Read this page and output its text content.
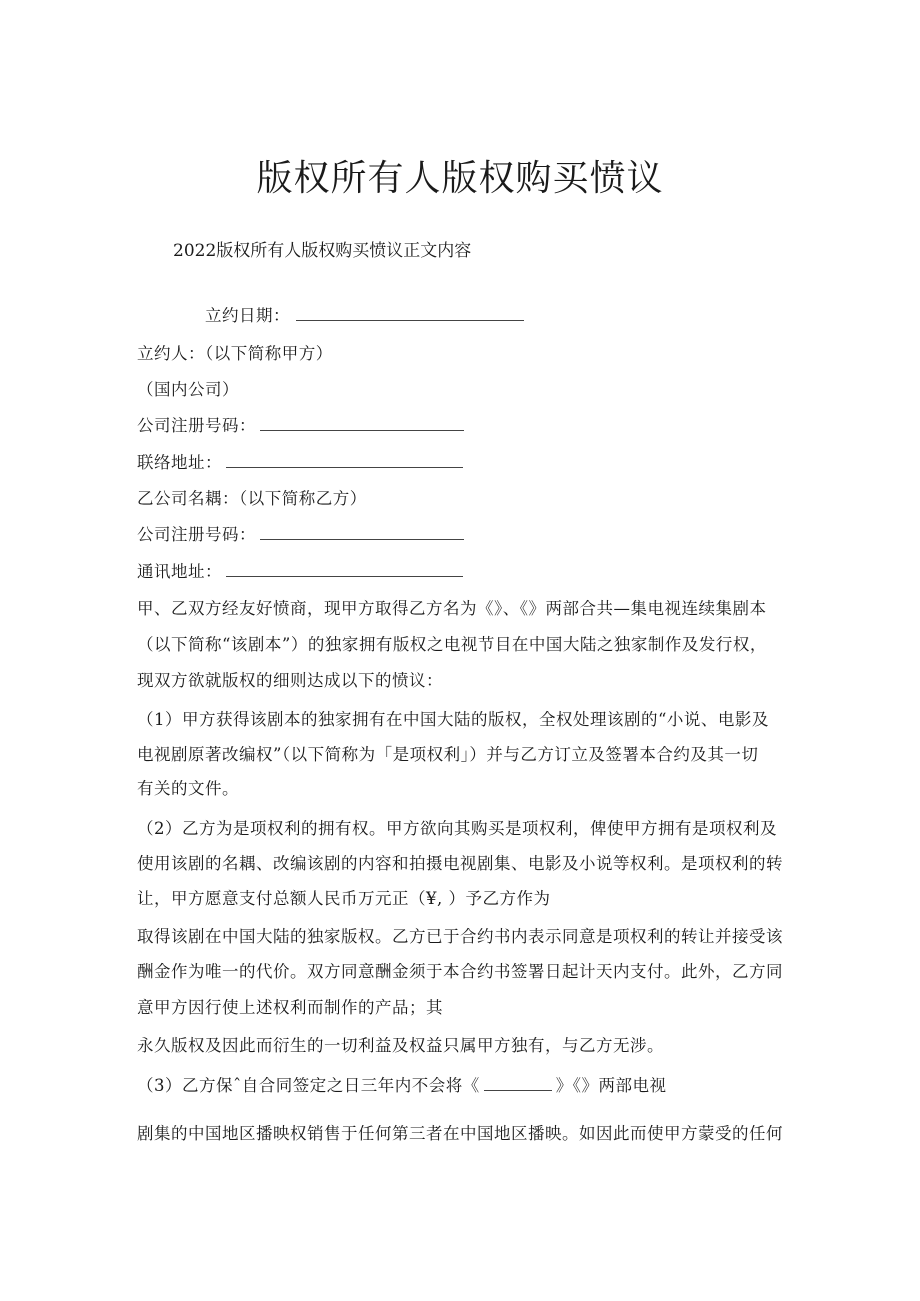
版权所有人版权购买愤议
2022版权所有人版权购买愤议正文内容
立约日期：
立约人：（以下简称甲方）
（国内公司）
公司注册号码：
联络地址：
乙公司名耦：（以下简称乙方）
公司注册号码：
通讯地址：
甲、乙双方经友好愤商，现甲方取得乙方名为《》、《》两部合共—集电视连续集剧本
（以下简称“该剧本”）的独家拥有版权之电视节目在中国大陆之独家制作及发行权，
现双方欲就版权的细则达成以下的愤议：
（1）甲方获得该剧本的独家拥有在中国大陆的版权，全权处理该剧的“小说、电影及
电视剧原著改编权”（以下简称为「是项权利」）并与乙方订立及签署本合约及其一切
有关的文件。
（2）乙方为是项权利的拥有权。甲方欲向其购买是项权利，俾使甲方拥有是项权利及
使用该剧的名耦、改编该剧的内容和拍摄电视剧集、电影及小说等权利。是项权利的转
让，甲方愿意支付总额人民币万元正（¥, ）予乙方作为
取得该剧在中国大陆的独家版权。乙方已于合约书内表示同意是项权利的转让并接受该
酬金作为唯一的代价。双方同意酬金须于本合约书签署日起计天内支付。此外，乙方同
意甲方因行使上述权利而制作的产品；其
永久版权及因此而衍生的一切利益及权益只属甲方独有，与乙方无涉。
（3）乙方保ˆ自合同签定之日三年内不会将《	》《》两部电视
剧集的中国地区播映权销售于任何第三者在中国地区播映。如因此而使甲方蒙受的任何
